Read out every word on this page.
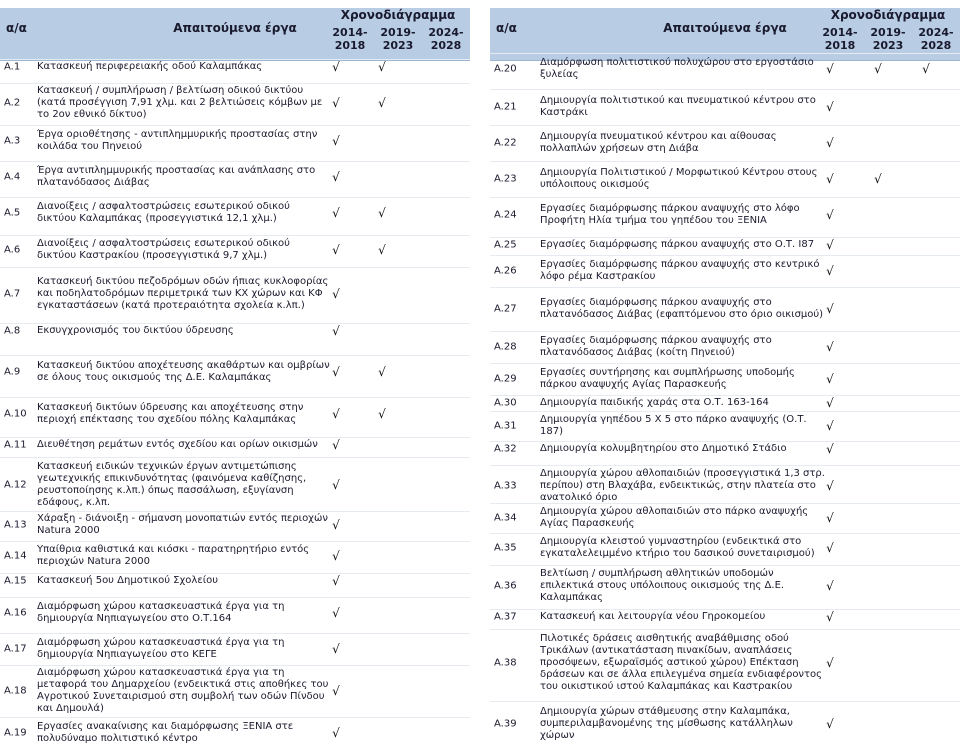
α/α	Απαιτούμενα έργα
Χρονοδιάγραμμα
2014-
2018
2019-
2023
2024-
2028
A.1 Κατασκευή περιφερειακής οδού Καλαμπάκας	√	√
A.2
Κατασκευή / συμπλήρωση / βελτίωση οδικού δικτύου (κατά προσέγγιση 7,91 χλμ. και 2 βελτιώσεις κόμβων με το 2ον εθνικό δίκτυο)
√	√
A.3
Έργα οριοθέτησης - αντιπλημμυρικής προστασίας στην κοιλάδα του Πηνειού	√
A.4
Έργα αντιπλημμυρικής προστασίας και ανάπλασης στο πλατανόδασος Διάβας	√
A.5
Διανοίξεις / ασφαλτοστρώσεις εσωτερικού οδικού δικτύου Καλαμπάκας (προσεγγιστικά 12,1 χλμ.)	√	√
A.6
Διανοίξεις / ασφαλτοστρώσεις εσωτερικού οδικού δικτύου Καστρακίου (προσεγγιστικά 9,7 χλμ.)	√	√
A.7
Κατασκευή δικτύου πεζοδρόμων οδών ήπιας κυκλοφορίας και ποδηλατοδρόμων περιμετρικά των ΚΧ χώρων και ΚΦ εγκαταστάσεων (κατά προτεραιότητα σχολεία κ.λπ.)
√
A.8 Εκσυγχρονισμός του δικτύου ύδρευσης	√
A.9
Κατασκευή δικτύου αποχέτευσης ακαθάρτων και ομβρίων σε όλους τους οικισμούς της Δ.Ε. Καλαμπάκας	√	√
A.10
Κατασκευή δικτύων ύδρευσης και αποχέτευσης στην περιοχή επέκτασης του σχεδίου πόλης Καλαμπάκας	√	√
A.11 Διευθέτηση ρεμάτων εντός σχεδίου και ορίων οικισμών	√
A.12
Κατασκευή ειδικών τεχνικών έργων αντιμετώπισης γεωτεχνικής επικινδυνότητας (φαινόμενα καθίζησης, ρευστοποίησης κ.λπ.) όπως πασσάλωση, εξυγίανση εδάφους, κ.λπ.
√
A.13
Χάραξη - διάνοιξη - σήμανση μονοπατιών εντός περιοχών Natura 2000	√
A.14
Υπαίθρια καθιστικά και κιόσκι - παρατηρητήριο εντός περιοχών Natura 2000	√
A.15 Κατασκευή 5ου Δημοτικού Σχολείου	√
A.16
Διαμόρφωση χώρου κατασκευαστικά έργα για τη δημιουργία Νηπιαγωγείου στο Ο.Τ.164	√
A.17
Διαμόρφωση χώρου κατασκευαστικά έργα για τη δημιουργία Νηπιαγωγείου στο ΚΕΓΕ	√
A.18
Διαμόρφωση χώρου κατασκευαστικά έργα για τη μεταφορά του Δημαρχείου (ενδεικτικά στις αποθήκες του Αγροτικού Συνεταιρισμού στη συμβολή των οδών Πίνδου και Δημουλά)
√
A.19
Εργασίες ανακαίνισης και διαμόρφωσης ΞΕΝΙΑ στε πολυδύναμο πολιτιστικό κέντρο	√
α/α	Απαιτούμενα έργα
Χρονοδιάγραμμα
2014-
2018
2019-
2023
2024-
2028
A.20
Διαμόρφωση πολιτιστικού πολυχώρου στο εργοστάσιο ξυλείας	√	√	√
A.21
Δημιουργία πολιτιστικού και πνευματικού κέντρου στο Καστράκι	√
A.22
Δημιουργία πνευματικού κέντρου και αίθουσας πολλαπλών χρήσεων στη Διάβα	√
A.23
Δημιουργία Πολιτιστικού / Μορφωτικού Κέντρου στους υπόλοιπους οικισμούς	√	√
A.24
Εργασίες διαμόρφωσης πάρκου αναψυχής στο λόφο Προφήτη Ηλία τμήμα του γηπέδου του ΞΕΝΙΑ	√
A.25 Εργασίες διαμόρφωσης πάρκου αναψυχής στο Ο.Τ. Ι87	√
A.26
Εργασίες διαμόρφωσης πάρκου αναψυχής στο κεντρικό λόφο ρέμα Καστρακίου	√
A.27
Εργασίες διαμόρφωσης πάρκου αναψυχής στο πλατανόδασος Διάβας (εφαπτόμενου στο όριο οικισμού) √
A.28
Εργασίες διαμόρφωσης πάρκου αναψυχής στο πλατανόδασος Διάβας (κοίτη Πηνειού)	√
A.29
Εργασίες συντήρησης και συμπλήρωσης υποδομής πάρκου αναψυχής Αγίας Παρασκευής	√
A.30 Δημιουργία παιδικής χαράς στα Ο.Τ. 163-164	√
A.31
Δημιουργία γηπέδου 5 Χ 5 στο πάρκο αναψυχής (Ο.Τ. 187)	√
A.32 Δημιουργία κολυμβητηρίου στο Δημοτικό Στάδιο	√
A.33
Δημιουργία χώρου αθλοπαιδιών (προσεγγιστικά 1,3 στρ. περίπου) στη Βλαχάβα, ενδεικτικώς, στην πλατεία στο ανατολικό όριο
√
A.34
Δημιουργία χώρου αθλοπαιδιών στο πάρκο αναψυχής Αγίας Παρασκευής	√
A.35
Δημιουργία κλειστού γυμναστηρίου (ενδεικτικά στο εγκαταλελειμμένο κτήριο του δασικού συνεταιρισμού) √
A.36
Βελτίωση / συμπλήρωση αθλητικών υποδομών επιλεκτικά στους υπόλοιπους οικισμούς της Δ.Ε. Καλαμπάκας
√
A.37 Κατασκευή και λειτουργία νέου Γηροκομείου	√
A.38
Πιλοτικές δράσεις αισθητικής αναβάθμισης οδού Τρικάλων (αντικατάσταση πινακίδων, αναπλάσεις προσόψεων, εξωραϊσμός αστικού χώρου) Επέκταση δράσεων και σε άλλα επιλεγμένα σημεία ενδιαφέροντος του οικιστικού ιστού Καλαμπάκας και Καστρακίου
√
A.39
Δημιουργία χώρων στάθμευσης στην Καλαμπάκα, συμπεριλαμβανομένης της μίσθωσης κατάλληλων χώρων
√
